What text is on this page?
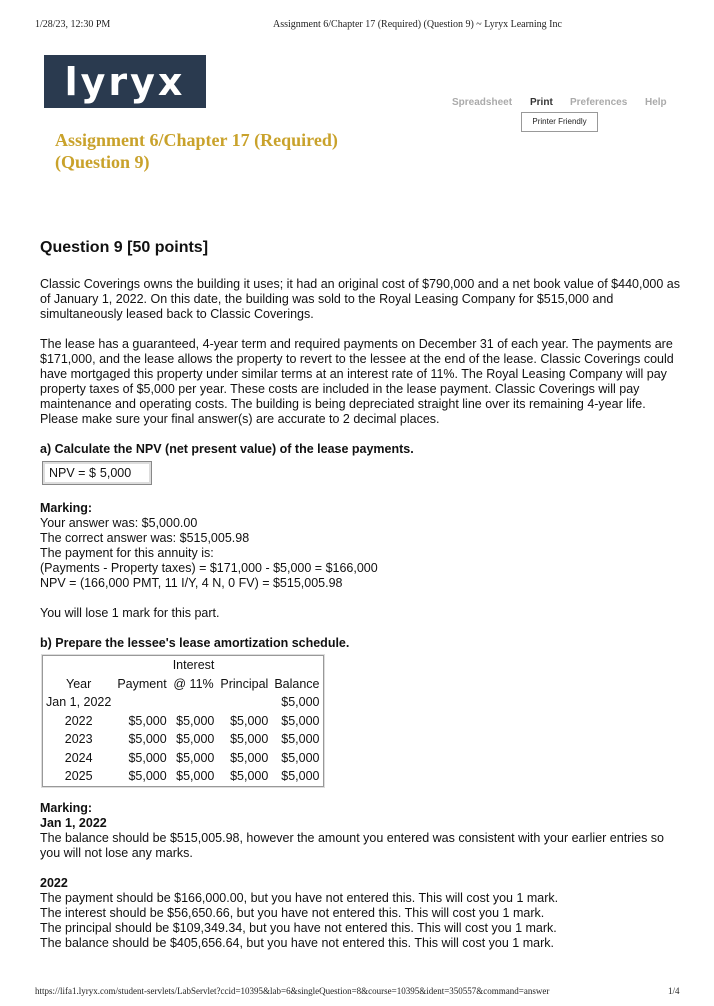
1/28/23, 12:30 PM	Assignment 6/Chapter 17 (Required) (Question 9) ~ Lyryx Learning Inc
lyryx	Spreadsheet Print Preferences Help
Printer Friendly
Assignment 6/Chapter 17 (Required)
(Question 9)
Question 9 [50 points]

Classic Coverings owns the building it uses; it had an original cost of $790,000 and a net book value of $440,000 as of January 1, 2022. On this date, the building was sold to the Royal Leasing Company for $515,000 and simultaneously leased back to Classic Coverings.

The lease has a guaranteed, 4-year term and required payments on December 31 of each year. The payments are $171,000, and the lease allows the property to revert to the lessee at the end of the lease. Classic Coverings could have mortgaged this property under similar terms at an interest rate of 11%. The Royal Leasing Company will pay property taxes of $5,000 per year. These costs are included in the lease payment. Classic Coverings will pay maintenance and operating costs. The building is being depreciated straight line over its remaining 4-year life. Please make sure your final answer(s) are accurate to 2 decimal places.

a) Calculate the NPV (net present value) of the lease payments.

NPV = $ 5,000

Marking:

Your answer was: $5,000.00

The correct answer was: $515,005.98

The payment for this annuity is:

(Payments - Property taxes) = $171,000 - $5,000 = $166,000

NPV = (166,000 PMT, 11 I/Y, 4 N, 0 FV) = $515,005.98

You will lose 1 mark for this part.

b) Prepare the lessee's lease amortization schedule.

		Interest		
Year	Payment	@ 11%	Principal	Balance
Jan 1, 2022				$5,000
2022	$5,000	$5,000	$5,000	$5,000
2023	$5,000	$5,000	$5,000	$5,000
2024	$5,000	$5,000	$5,000	$5,000
2025	$5,000	$5,000	$5,000	$5,000

Marking:

Jan 1, 2022

The balance should be $515,005.98, however the amount you entered was consistent with your earlier entries so you will not lose any marks.

2022

The payment should be $166,000.00, but you have not entered this. This will cost you 1 mark.

The interest should be $56,650.66, but you have not entered this. This will cost you 1 mark.

The principal should be $109,349.34, but you have not entered this. This will cost you 1 mark.

The balance should be $405,656.64, but you have not entered this. This will cost you 1 mark.

https://lifa1.lyryx.com/student-servlets/LabServlet?ccid=10395&lab=6&singleQuestion=8&course=10395&ident=350557&command=answer	1/4
